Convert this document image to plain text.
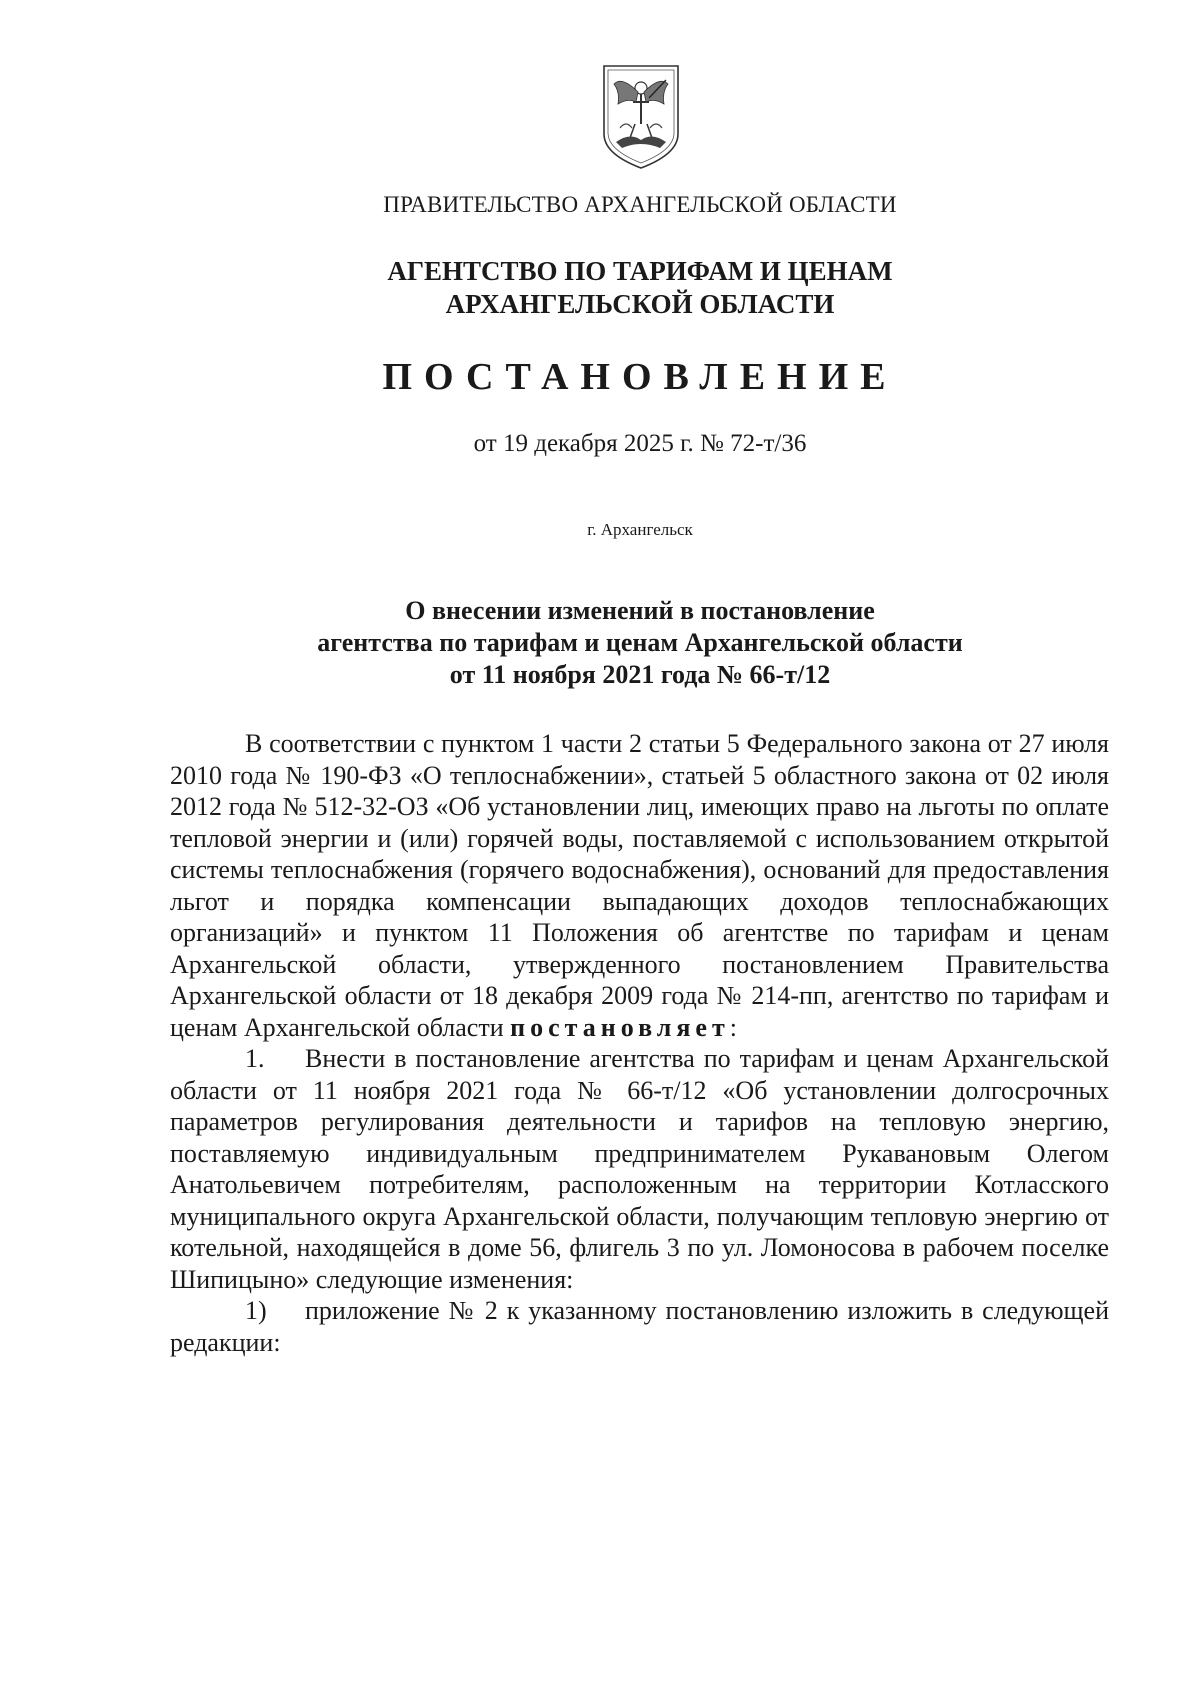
ПРАВИТЕЛЬСТВО АРХАНГЕЛЬСКОЙ ОБЛАСТИ
АГЕНТСТВО ПО ТАРИФАМ И ЦЕНАМ
АРХАНГЕЛЬСКОЙ ОБЛАСТИ
ПОСТАНОВЛЕНИЕ
от 19 декабря 2025 г. № 72-т/36
г. Архангельск
О внесении изменений в постановление
агентства по тарифам и ценам Архангельской области
от 11 ноября 2021 года № 66-т/12

В соответствии с пунктом 1 части 2 статьи 5 Федерального закона от 27 июля 2010 года № 190-ФЗ «О теплоснабжении», статьей 5 областного закона от 02 июля 2012 года № 512-32-ОЗ «Об установлении лиц, имеющих право на льготы по оплате тепловой энергии и (или) горячей воды, поставляемой с использованием открытой системы теплоснабжения (горячего водоснабжения), оснований для предоставления льгот и порядка компенсации выпадающих доходов теплоснабжающих организаций» и пунктом 11 Положения об агентстве по тарифам и ценам Архангельской области, утвержденного постановлением Правительства Архангельской области от 18 декабря 2009 года № 214-пп, агентство по тарифам и ценам Архангельской области постановляет:

1. Внести в постановление агентства по тарифам и ценам Архангельской области от 11 ноября 2021 года № 66-т/12 «Об установлении долгосрочных параметров регулирования деятельности и тарифов на тепловую энергию, поставляемую индивидуальным предпринимателем Рукавановым Олегом Анатольевичем потребителям, расположенным на территории Котласского муниципального округа Архангельской области, получающим тепловую энергию от котельной, находящейся в доме 56, флигель 3 по ул. Ломоносова в рабочем поселке Шипицыно» следующие изменения:

1) приложение № 2 к указанному постановлению изложить в следующей редакции:
